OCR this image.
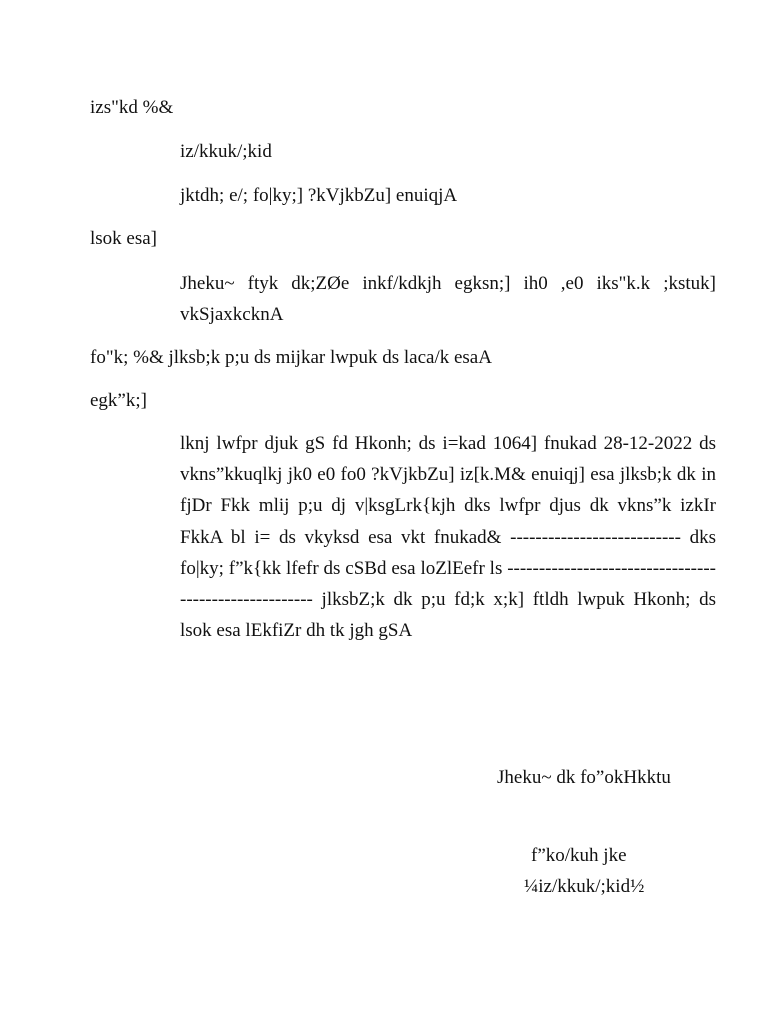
izs"kd %&
iz/kkuk/;kid
jktdh; e/; fo|ky;] ?kVjkbZu] enuiqjA
lsok esa]
Jheku~ ftyk dk;ZØe inkf/kdkjh egksn;] ih0 ,e0 iks"k.k ;kstuk] vkSjaxkcknA
fo"k; %& jlksb;k p;u ds mijkar lwpuk ds laca/k esaA
egk”k;]
lknj lwfpr djuk gS fd Hkonh; ds i=kad 1064] fnukad 28-12-2022 ds vkns”kkuqlkj jk0 e0 fo0 ?kVjkbZu] iz[k.M& enuiqj] esa jlksb;k dk in fjDr Fkk mlij p;u dj v|ksgLrk{kjh dks lwfpr djus dk vkns”k izkIr FkkA bl i= ds vkyksd esa vkt fnukad& --------------------------- dks fo|ky; f”k{kk lfefr ds cSBd esa loZlEefr ls ------------------------------------------------------ jlksbZ;k dk p;u fd;k x;k] ftldh lwpuk Hkonh; ds lsok esa lEkfiZr dh tk jgh gSA
Jheku~ dk fo”okHkktu
f”ko/kuh jke
¼iz/kkuk/;kid½
